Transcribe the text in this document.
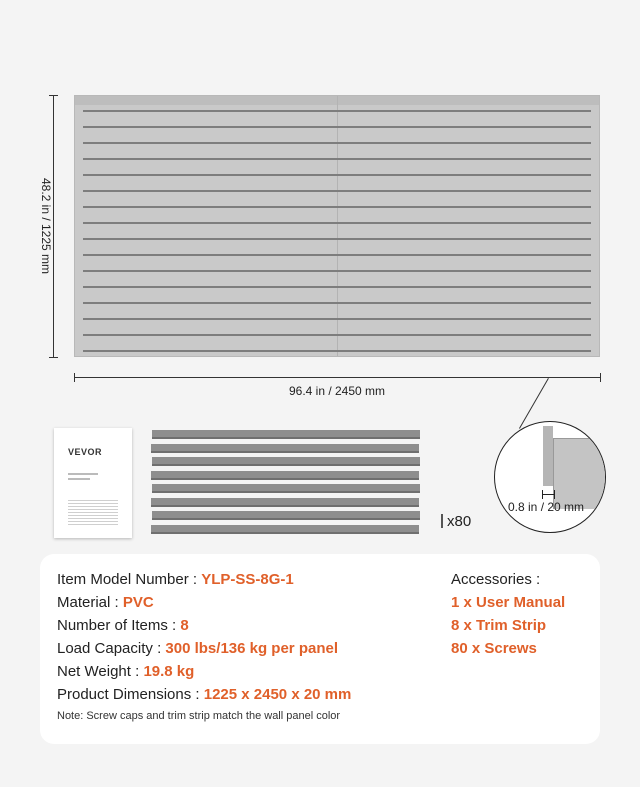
48.2 in / 1225 mm
96.4 in / 2450 mm
VEVOR
x80
0.8 in / 20 mm
Item Model Number : YLP-SS-8G-1
Material : PVC
Number of Items : 8
Load Capacity : 300 lbs/136 kg per panel
Net Weight : 19.8 kg
Product Dimensions : 1225 x 2450 x 20 mm
Accessories :
1 x User Manual
8 x Trim Strip
80 x Screws
Note: Screw caps and trim strip match the wall panel color
